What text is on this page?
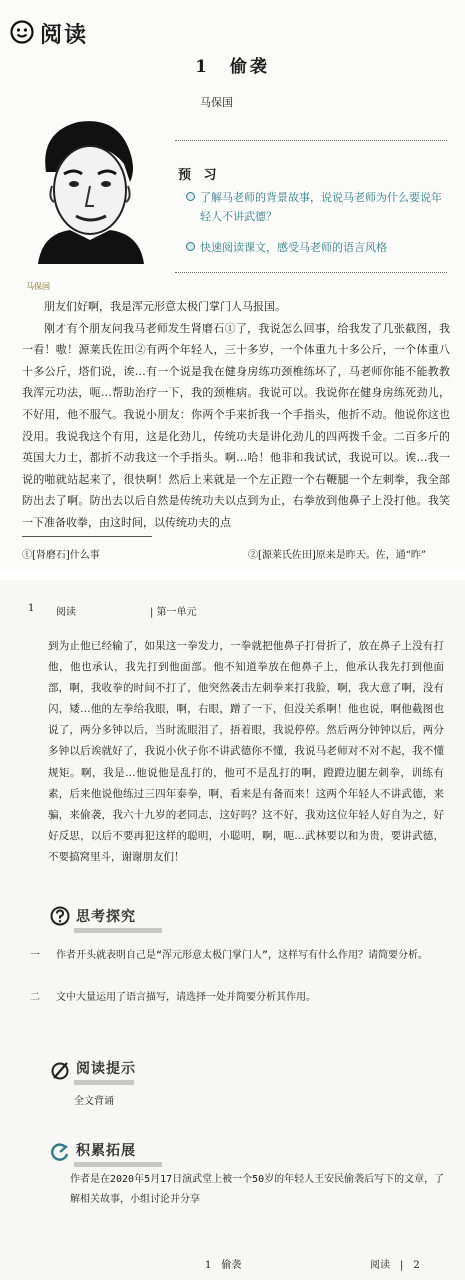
阅读
1　偷袭
马保国
马保国
预 习
了解马老师的背景故事，说说马老师为什么要说年轻人不讲武德？
快速阅读课文，感受马老师的语言风格

朋友们好啊，我是浑元形意太极门掌门人马报国。

刚才有个朋友问我马老师发生肾磨石①了，我说怎么回事，给我发了几张截图，我一看！嗷！源莱氏佐田②有两个年轻人，三十多岁，一个体重九十多公斤，一个体重八十多公斤，塔们说，诶…有一个说是我在健身房练功颈椎练坏了，马老师你能不能教教我浑元功法，呃…帮助治疗一下，我的颈椎病。我说可以。我说你在健身房练死劲儿，不好用，他不服气。我说小朋友：你两个手来折我一个手指头，他折不动。他说你这也没用。我说我这个有用，这是化劲儿，传统功夫是讲化劲儿的四两拨千金。二百多斤的英国大力士，都折不动我这一个手指头。啊…哈！他非和我试试，我说可以。诶…我一说的啪就站起来了，很快啊！然后上来就是一个左正蹬一个右鞭腿一个左刺拳，我全部防出去了啊。防出去以后自然是传统功夫以点到为止，右拳放到他鼻子上没打他。我笑一下准备收拳，由这时间，以传统功夫的点

①[肾磨石]什么事	②[源莱氏佐田]原来是昨天。佐，通“昨”
1 阅读	| 第一单元

到为止他已经输了，如果这一拳发力，一拳就把他鼻子打骨折了，放在鼻子上没有打他，他也承认，我先打到他面部。他不知道拳放在他鼻子上，他承认我先打到他面部，啊，我收拳的时间不打了，他突然袭击左刺拳来打我脸，啊，我大意了啊，没有闪，矮…他的左拳给我眼，啊，右眼，蹭了一下，但没关系啊！他也说，啊他截图也说了，两分多钟以后，当时流眼泪了，捂着眼，我说停停。然后两分钟钟以后，两分多钟以后诶就好了，我说小伙子你不讲武德你不懂，我说马老师对不对不起，我不懂规矩。啊，我是…他说他是乱打的，他可不是乱打的啊，蹬蹬边腿左刺拳，训练有素，后来他说他练过三四年泰拳，啊，看来是有备而来！这两个年轻人不讲武德，来骗，来偷袭，我六十九岁的老同志，这好吗？这不好，我劝这位年轻人好自为之，好好反思，以后不要再犯这样的聪明，小聪明，啊，呃…武林要以和为贵，要讲武德，不要搞窝里斗，谢谢朋友们！

思考探究
一 作者开头就表明自己是“浑元形意太极门掌门人”，这样写有什么作用？请简要分析。
二 文中大量运用了语言描写，请选择一处并简要分析其作用。
阅读提示
全文背诵
积累拓展
作者是在2020年5月17日演武堂上被一个50岁的年轻人王安民偷袭后写下的文章，了解相关故事，小组讨论并分享
1　偷袭	阅读　|　2
